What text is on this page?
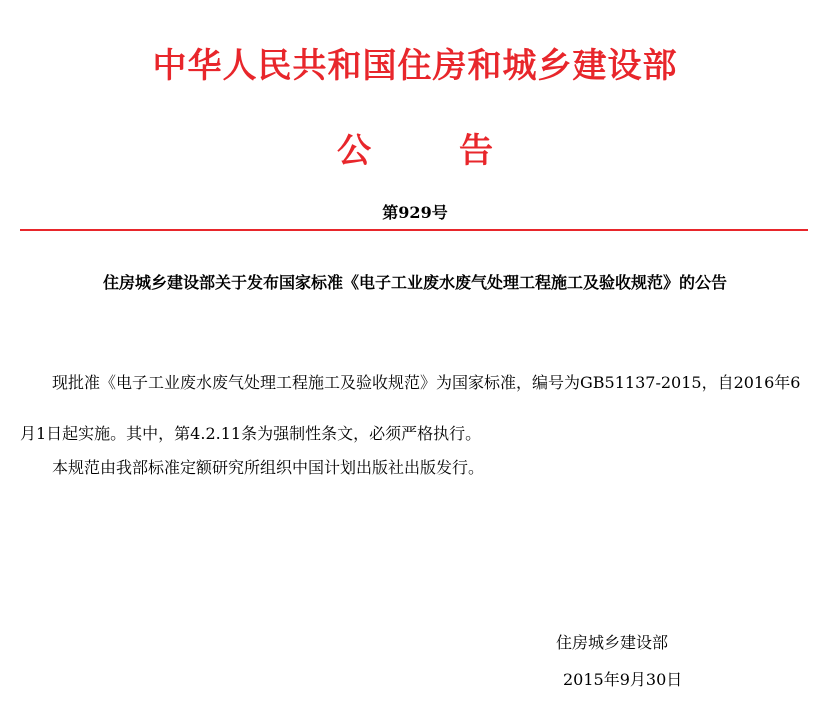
中华人民共和国住房和城乡建设部
公	告
第929号
住房城乡建设部关于发布国家标准《电子工业废水废气处理工程施工及验收规范》的公告

现批准《电子工业废水废气处理工程施工及验收规范》为国家标准，编号为GB51137-2015，自2016年6月1日起实施。其中，第4.2.11条为强制性条文，必须严格执行。

本规范由我部标准定额研究所组织中国计划出版社出版发行。

住房城乡建设部
2015年9月30日
